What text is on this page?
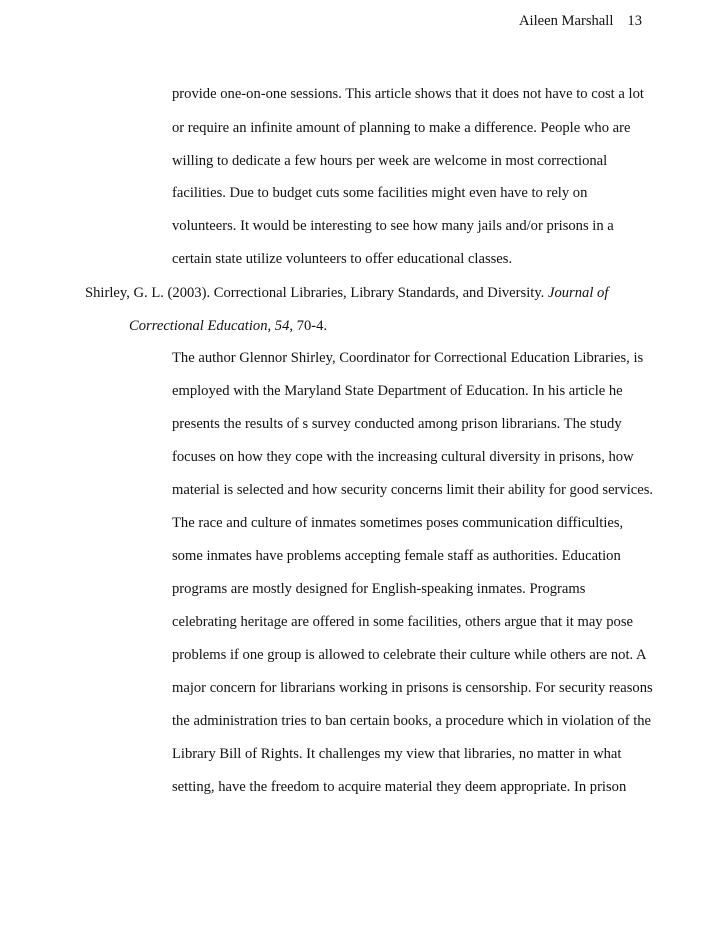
Aileen Marshall 13
provide one-on-one sessions. This article shows that it does not have to cost a lot
or require an infinite amount of planning to make a difference. People who are
willing to dedicate a few hours per week are welcome in most correctional
facilities. Due to budget cuts some facilities might even have to rely on
volunteers. It would be interesting to see how many jails and/or prisons in a
certain state utilize volunteers to offer educational classes.
Shirley, G. L. (2003). Correctional Libraries, Library Standards, and Diversity. Journal of
Correctional Education, 54, 70-4.
The author Glennor Shirley, Coordinator for Correctional Education Libraries, is
employed with the Maryland State Department of Education. In his article he
presents the results of s survey conducted among prison librarians. The study
focuses on how they cope with the increasing cultural diversity in prisons, how
material is selected and how security concerns limit their ability for good services.
The race and culture of inmates sometimes poses communication difficulties,
some inmates have problems accepting female staff as authorities. Education
programs are mostly designed for English-speaking inmates. Programs
celebrating heritage are offered in some facilities, others argue that it may pose
problems if one group is allowed to celebrate their culture while others are not. A
major concern for librarians working in prisons is censorship. For security reasons
the administration tries to ban certain books, a procedure which in violation of the
Library Bill of Rights. It challenges my view that libraries, no matter in what
setting, have the freedom to acquire material they deem appropriate. In prison
